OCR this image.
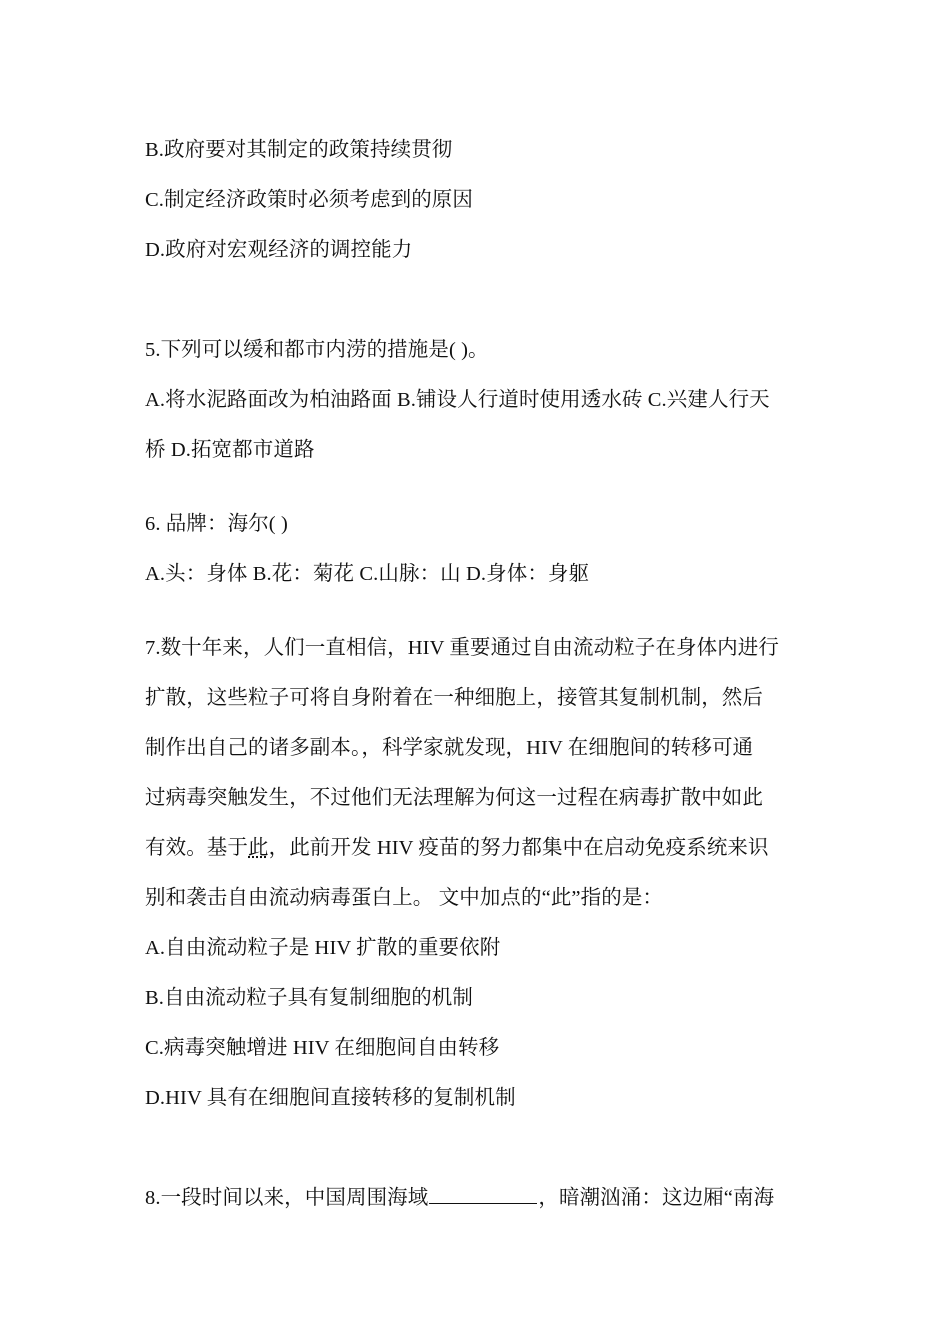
B.政府要对其制定的政策持续贯彻
C.制定经济政策时必须考虑到的原因
D.政府对宏观经济的调控能力
5.下列可以缓和都市内涝的措施是( )。
A.将水泥路面改为柏油路面 B.铺设人行道时使用透水砖 C.兴建人行天
桥 D.拓宽都市道路
6. 品牌：海尔( )
A.头：身体 B.花：菊花 C.山脉：山 D.身体：身躯
7.数十年来，人们一直相信，HIV 重要通过自由流动粒子在身体内进行
扩散，这些粒子可将自身附着在一种细胞上，接管其复制机制，然后
制作出自己的诸多副本。，科学家就发现，HIV 在细胞间的转移可通
过病毒突触发生，不过他们无法理解为何这一过程在病毒扩散中如此
有效。基于此，此前开发 HIV 疫苗的努力都集中在启动免疫系统来识
别和袭击自由流动病毒蛋白上。 文中加点的“此”指的是：
A.自由流动粒子是 HIV 扩散的重要依附
B.自由流动粒子具有复制细胞的机制
C.病毒突触增进 HIV 在细胞间自由转移
D.HIV 具有在细胞间直接转移的复制机制
8.一段时间以来，中国周围海域	，暗潮汹涌：这边厢“南海
